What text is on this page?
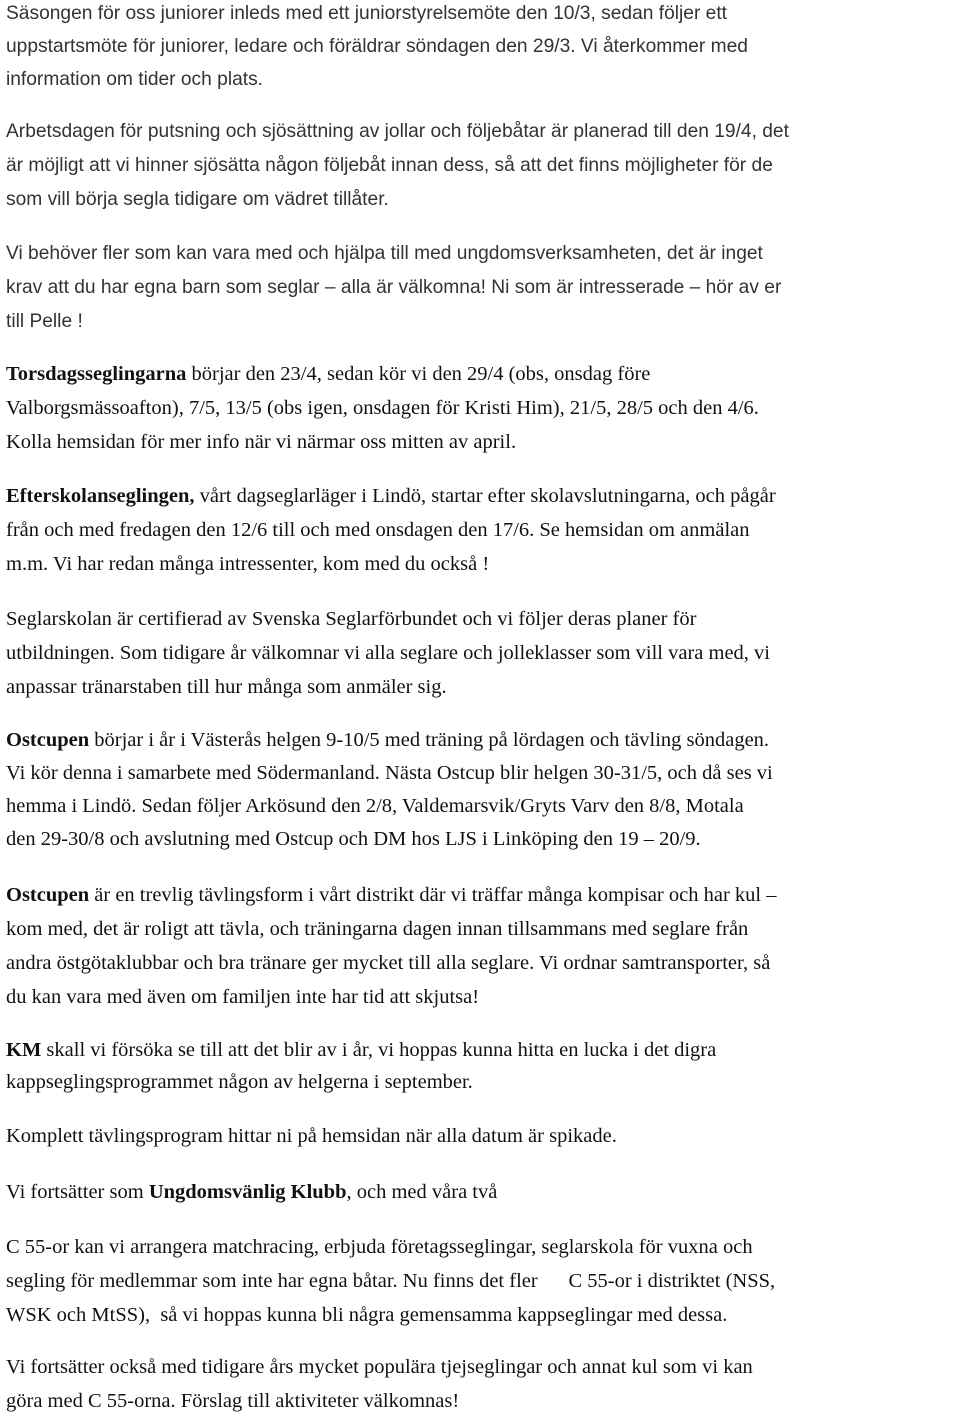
Säsongen för oss juniorer inleds med ett juniorstyrelsemöte den 10/3, sedan följer ett
uppstartsmöte för juniorer, ledare och föräldrar söndagen den 29/3. Vi återkommer med
information om tider och plats.

Arbetsdagen för putsning och sjösättning av jollar och följebåtar är planerad till den 19/4, det
är möjligt att vi hinner sjösätta någon följebåt innan dess, så att det finns möjligheter för de
som vill börja segla tidigare om vädret tillåter.

Vi behöver fler som kan vara med och hjälpa till med ungdomsverksamheten, det är inget
krav att du har egna barn som seglar – alla är välkomna! Ni som är intresserade – hör av er
till Pelle !

Torsdagsseglingarna börjar den 23/4, sedan kör vi den 29/4 (obs, onsdag före
Valborgsmässoafton), 7/5, 13/5 (obs igen, onsdagen för Kristi Him), 21/5, 28/5 och den 4/6.
Kolla hemsidan för mer info när vi närmar oss mitten av april.

Efterskolanseglingen, vårt dagseglarläger i Lindö, startar efter skolavslutningarna, och pågår
från och med fredagen den 12/6 till och med onsdagen den 17/6. Se hemsidan om anmälan
m.m. Vi har redan många intressenter, kom med du också !

Seglarskolan är certifierad av Svenska Seglarförbundet och vi följer deras planer för
utbildningen. Som tidigare år välkomnar vi alla seglare och jolleklasser som vill vara med, vi
anpassar tränarstaben till hur många som anmäler sig.

Ostcupen börjar i år i Västerås helgen 9-10/5 med träning på lördagen och tävling söndagen.
Vi kör denna i samarbete med Södermanland. Nästa Ostcup blir helgen 30-31/5, och då ses vi
hemma i Lindö. Sedan följer Arkösund den 2/8, Valdemarsvik/Gryts Varv den 8/8, Motala
den 29-30/8 och avslutning med Ostcup och DM hos LJS i Linköping den 19 – 20/9.

Ostcupen är en trevlig tävlingsform i vårt distrikt där vi träffar många kompisar och har kul –
kom med, det är roligt att tävla, och träningarna dagen innan tillsammans med seglare från
andra östgötaklubbar och bra tränare ger mycket till alla seglare. Vi ordnar samtransporter, så
du kan vara med även om familjen inte har tid att skjutsa!

KM skall vi försöka se till att det blir av i år, vi hoppas kunna hitta en lucka i det digra
kappseglingsprogrammet någon av helgerna i september.

Komplett tävlingsprogram hittar ni på hemsidan när alla datum är spikade.

Vi fortsätter som Ungdomsvänlig Klubb, och med våra två

C 55-or kan vi arrangera matchracing, erbjuda företagsseglingar, seglarskola för vuxna och
segling för medlemmar som inte har egna båtar. Nu finns det fler      C 55-or i distriktet (NSS,
WSK och MtSS),  så vi hoppas kunna bli några gemensamma kappseglingar med dessa.

Vi fortsätter också med tidigare års mycket populära tjejseglingar och annat kul som vi kan
göra med C 55-orna. Förslag till aktiviteter välkomnas!
